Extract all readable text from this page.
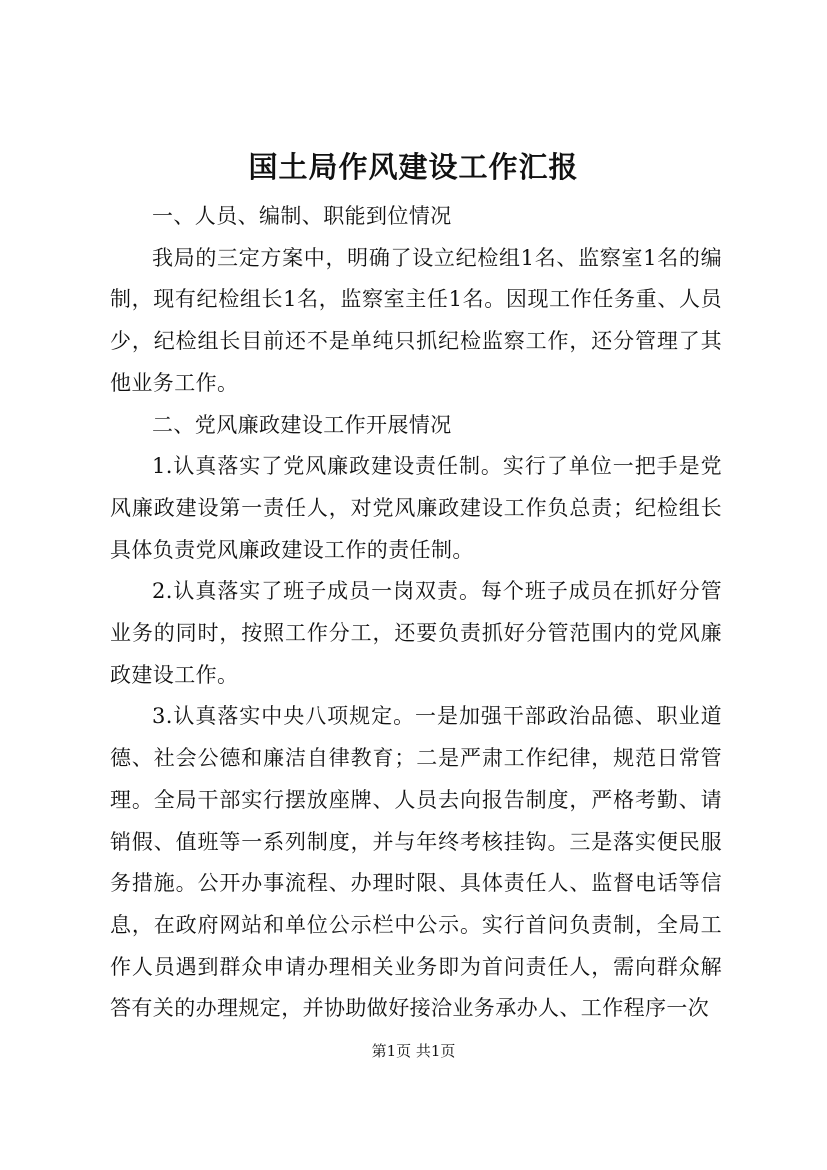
国土局作风建设工作汇报

一、人员、编制、职能到位情况

我局的三定方案中，明确了设立纪检组1名、监察室1名的编制，现有纪检组长1名，监察室主任1名。因现工作任务重、人员少，纪检组长目前还不是单纯只抓纪检监察工作，还分管理了其他业务工作。

二、党风廉政建设工作开展情况

1.认真落实了党风廉政建设责任制。实行了单位一把手是党风廉政建设第一责任人，对党风廉政建设工作负总责；纪检组长具体负责党风廉政建设工作的责任制。

2.认真落实了班子成员一岗双责。每个班子成员在抓好分管业务的同时，按照工作分工，还要负责抓好分管范围内的党风廉政建设工作。

3.认真落实中央八项规定。一是加强干部政治品德、职业道德、社会公德和廉洁自律教育；二是严肃工作纪律，规范日常管理。全局干部实行摆放座牌、人员去向报告制度，严格考勤、请销假、值班等一系列制度，并与年终考核挂钩。三是落实便民服务措施。公开办事流程、办理时限、具体责任人、监督电话等信息，在政府网站和单位公示栏中公示。实行首问负责制，全局工作人员遇到群众申请办理相关业务即为首问责任人，需向群众解答有关的办理规定，并协助做好接洽业务承办人、工作程序一次

第1页 共1页
